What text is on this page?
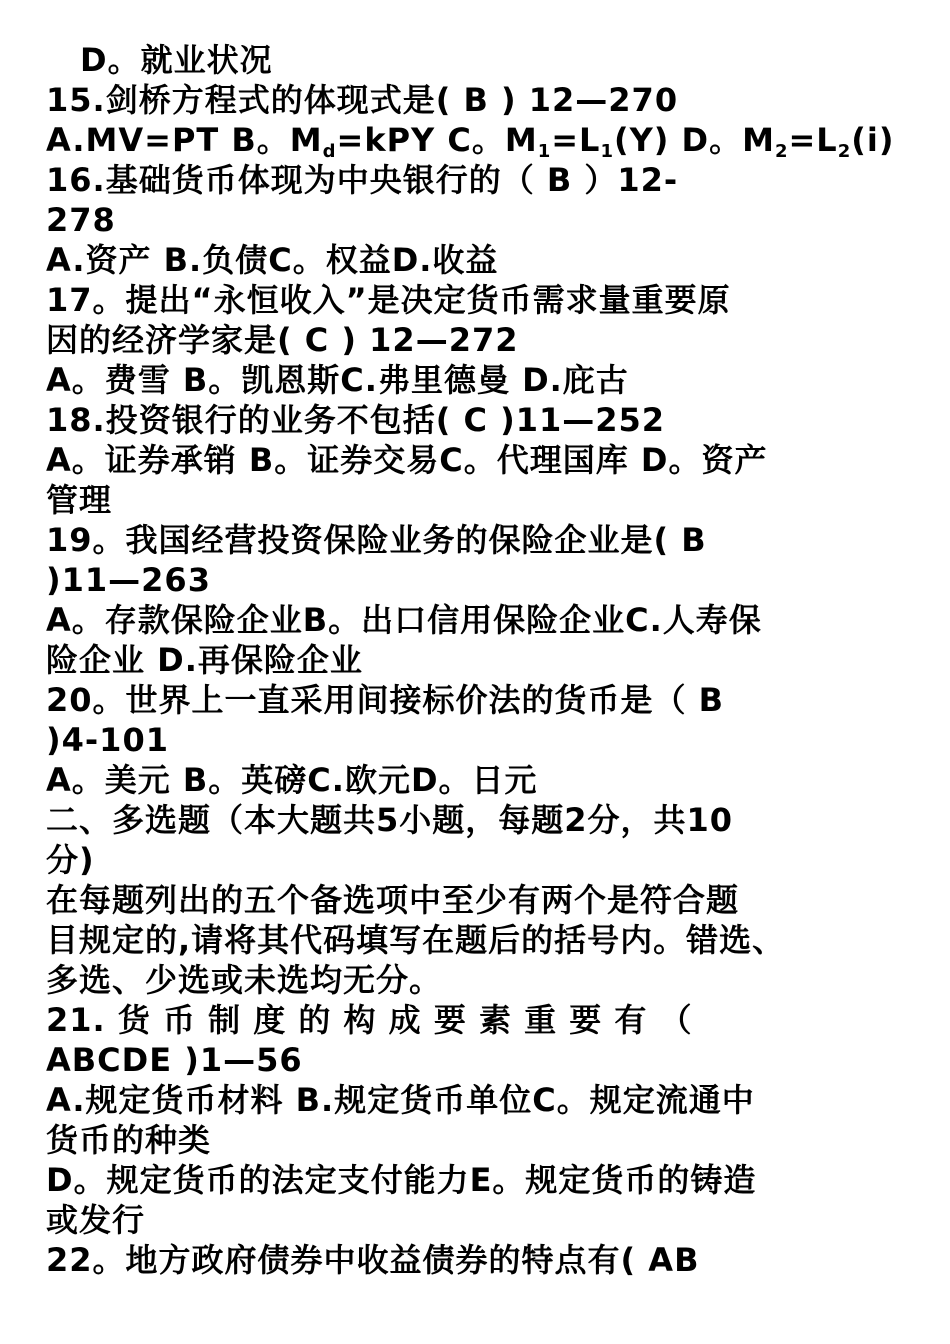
D。就业状况
15.剑桥方程式的体现式是( B ) 12—270
A.MV=PT B。$M_d=kPY$ C。$M_1=L_1(Y)$ D。$M_2=L_2(i)$
16.基础货币体现为中央银行的（ B ）12-
278
A.资产 B.负债C。权益D.收益
17。提出“永恒收入”是决定货币需求量重要原
因的经济学家是( C ) 12—272
A。费雪 B。凯恩斯C.弗里德曼 D.庇古
18.投资银行的业务不包括( C )11—252
A。证券承销 B。证券交易C。代理国库 D。资产
管理
19。我国经营投资保险业务的保险企业是( B
)11—263
A。存款保险企业B。出口信用保险企业C.人寿保
险企业 D.再保险企业
20。世界上一直采用间接标价法的货币是（ B
)4-101
A。美元 B。英磅C.欧元D。日元
二、多选题（本大题共5小题，每题2分，共10
分)
在每题列出的五个备选项中至少有两个是符合题
目规定的,请将其代码填写在题后的括号内。错选、
多选、少选或未选均无分。
21. 货 币 制 度 的 构 成 要 素 重 要 有 （
ABCDE )1—56
A.规定货币材料 B.规定货币单位C。规定流通中
货币的种类
D。规定货币的法定支付能力E。规定货币的铸造
或发行
22。地方政府债券中收益债券的特点有( AB
